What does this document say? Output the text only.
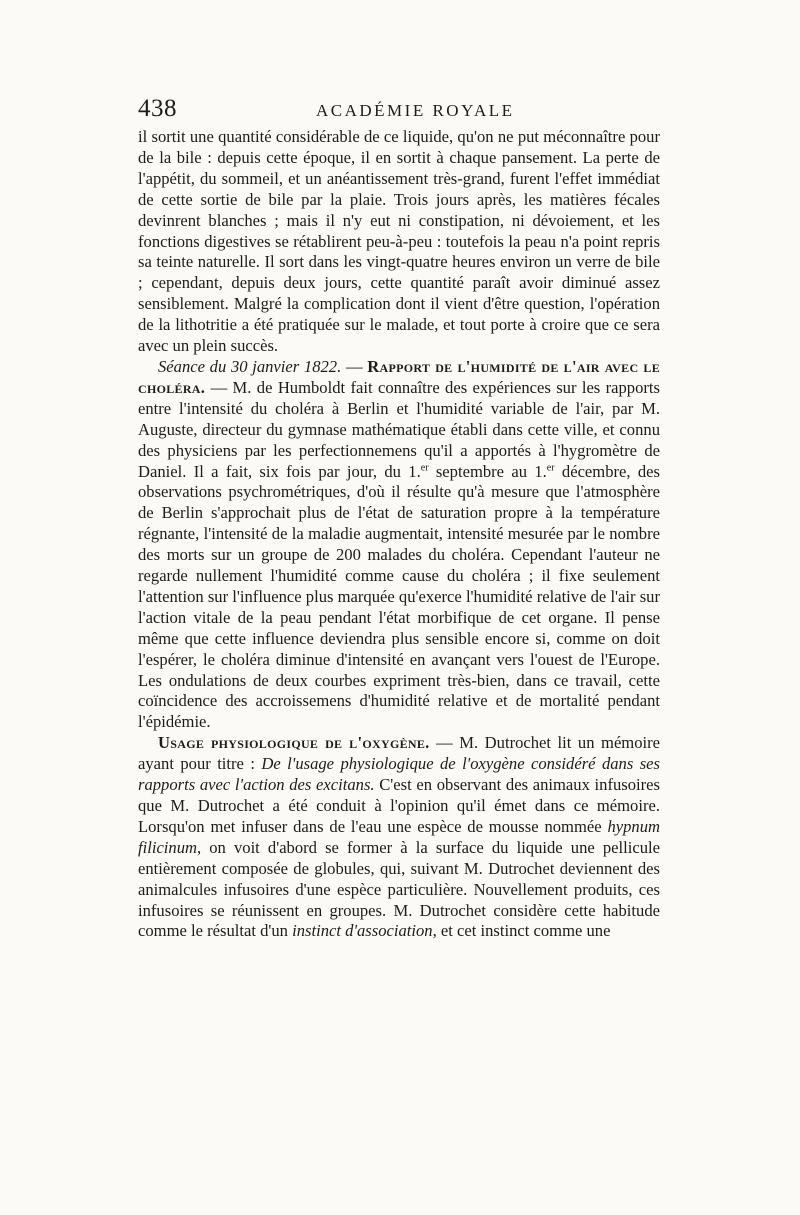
438	ACADÉMIE ROYALE

il sortit une quantité considérable de ce liquide, qu'on ne put méconnaître pour de la bile : depuis cette époque, il en sortit à chaque pansement. La perte de l'appétit, du sommeil, et un anéantissement très-grand, furent l'effet immédiat de cette sortie de bile par la plaie. Trois jours après, les matières fécales devinrent blanches ; mais il n'y eut ni constipation, ni dévoiement, et les fonctions digestives se rétablirent peu-à-peu : toutefois la peau n'a point repris sa teinte naturelle. Il sort dans les vingt-quatre heures environ un verre de bile ; cependant, depuis deux jours, cette quantité paraît avoir diminué assez sensiblement. Malgré la complication dont il vient d'être question, l'opération de la lithotritie a été pratiquée sur le malade, et tout porte à croire que ce sera avec un plein succès.

Séance du 30 janvier 1822. — Rapport de l'humidité de l'air avec le choléra. — M. de Humboldt fait connaître des expériences sur les rapports entre l'intensité du choléra à Berlin et l'humidité variable de l'air, par M. Auguste, directeur du gymnase mathématique établi dans cette ville, et connu des physiciens par les perfectionnemens qu'il a apportés à l'hygromètre de Daniel. Il a fait, six fois par jour, du 1.$^{er}$ septembre au 1.$^{er}$ décembre, des observations psychrométriques, d'où il résulte qu'à mesure que l'atmosphère de Berlin s'approchait plus de l'état de saturation propre à la température régnante, l'intensité de la maladie augmentait, intensité mesurée par le nombre des morts sur un groupe de 200 malades du choléra. Cependant l'auteur ne regarde nullement l'humidité comme cause du choléra ; il fixe seulement l'attention sur l'influence plus marquée qu'exerce l'humidité relative de l'air sur l'action vitale de la peau pendant l'état morbifique de cet organe. Il pense même que cette influence deviendra plus sensible encore si, comme on doit l'espérer, le choléra diminue d'intensité en avançant vers l'ouest de l'Europe. Les ondulations de deux courbes expriment très-bien, dans ce travail, cette coïncidence des accroissemens d'humidité relative et de mortalité pendant l'épidémie.

Usage physiologique de l'oxygène. — M. Dutrochet lit un mémoire ayant pour titre : De l'usage physiologique de l'oxygène considéré dans ses rapports avec l'action des excitans. C'est en observant des animaux infusoires que M. Dutrochet a été conduit à l'opinion qu'il émet dans ce mémoire. Lorsqu'on met infuser dans de l'eau une espèce de mousse nommée hypnum filicinum, on voit d'abord se former à la surface du liquide une pellicule entièrement composée de globules, qui, suivant M. Dutrochet deviennent des animalcules infusoires d'une espèce particulière. Nouvellement produits, ces infusoires se réunissent en groupes. M. Dutrochet considère cette habitude comme le résultat d'un instinct d'association, et cet instinct comme une
